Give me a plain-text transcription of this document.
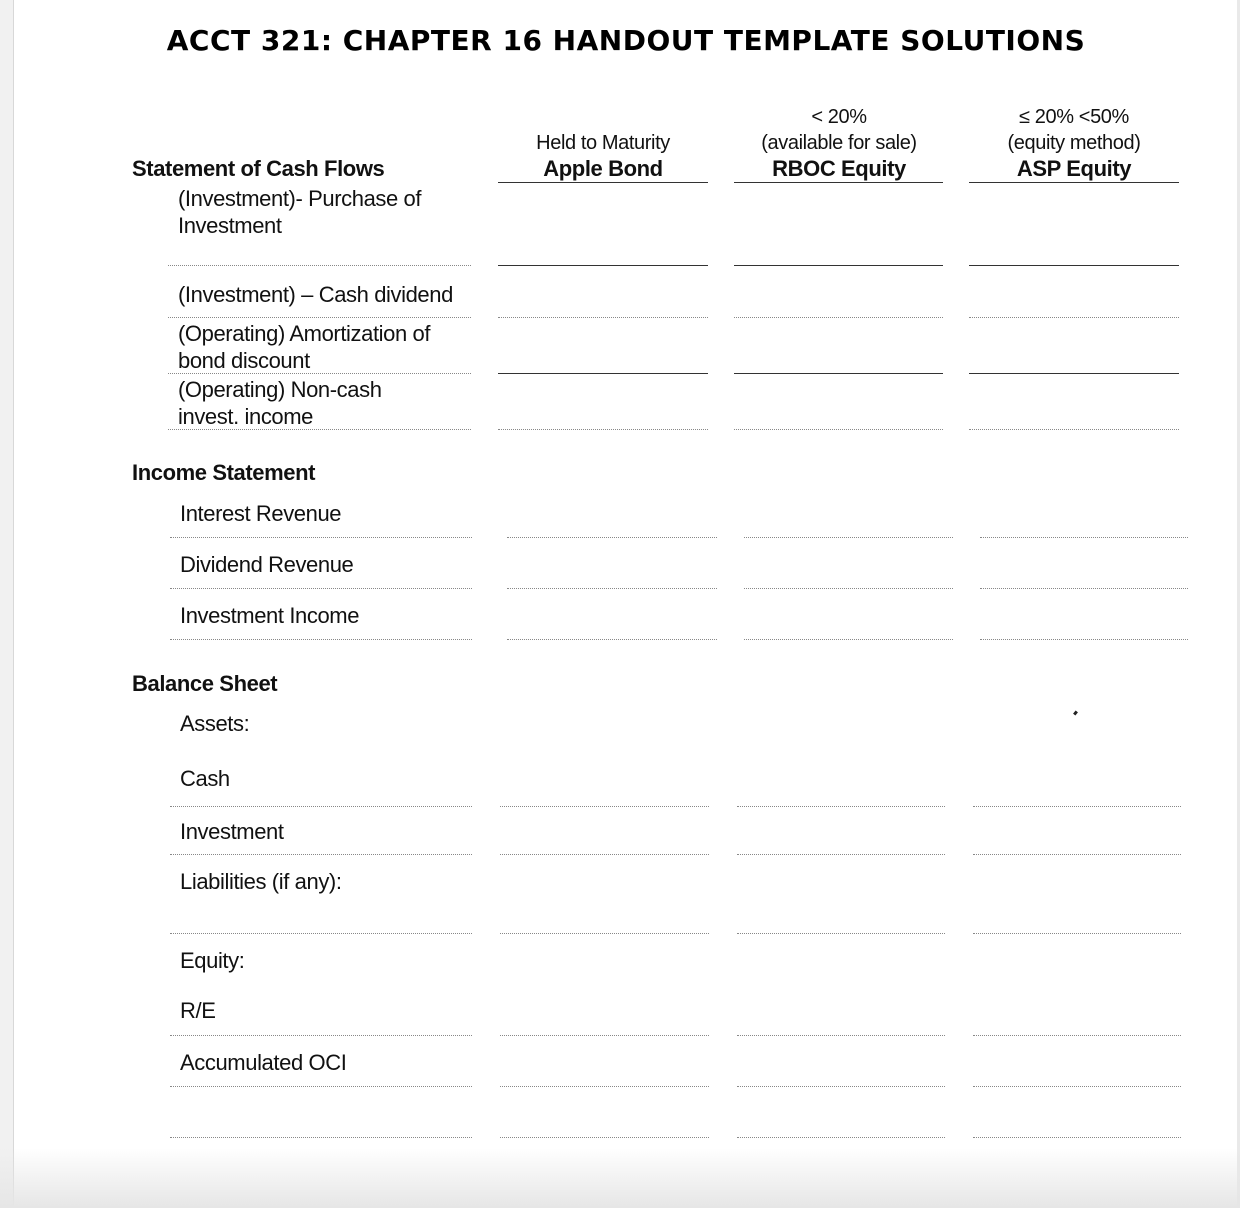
ACCT 321: CHAPTER 16 HANDOUT TEMPLATE SOLUTIONS
Held to Maturity
Apple Bond
< 20%
(available for sale)
RBOC Equity
≤ 20% <50%
(equity method)
ASP Equity
Statement of Cash Flows
(Investment)- Purchase of Investment
(Investment) – Cash dividend
(Operating) Amortization of bond discount
(Operating) Non-cash invest. income
Income Statement
Interest Revenue
Dividend Revenue
Investment Income
Balance Sheet
Assets:
Cash
Investment
Liabilities (if any):
Equity:
R/E
Accumulated OCI
